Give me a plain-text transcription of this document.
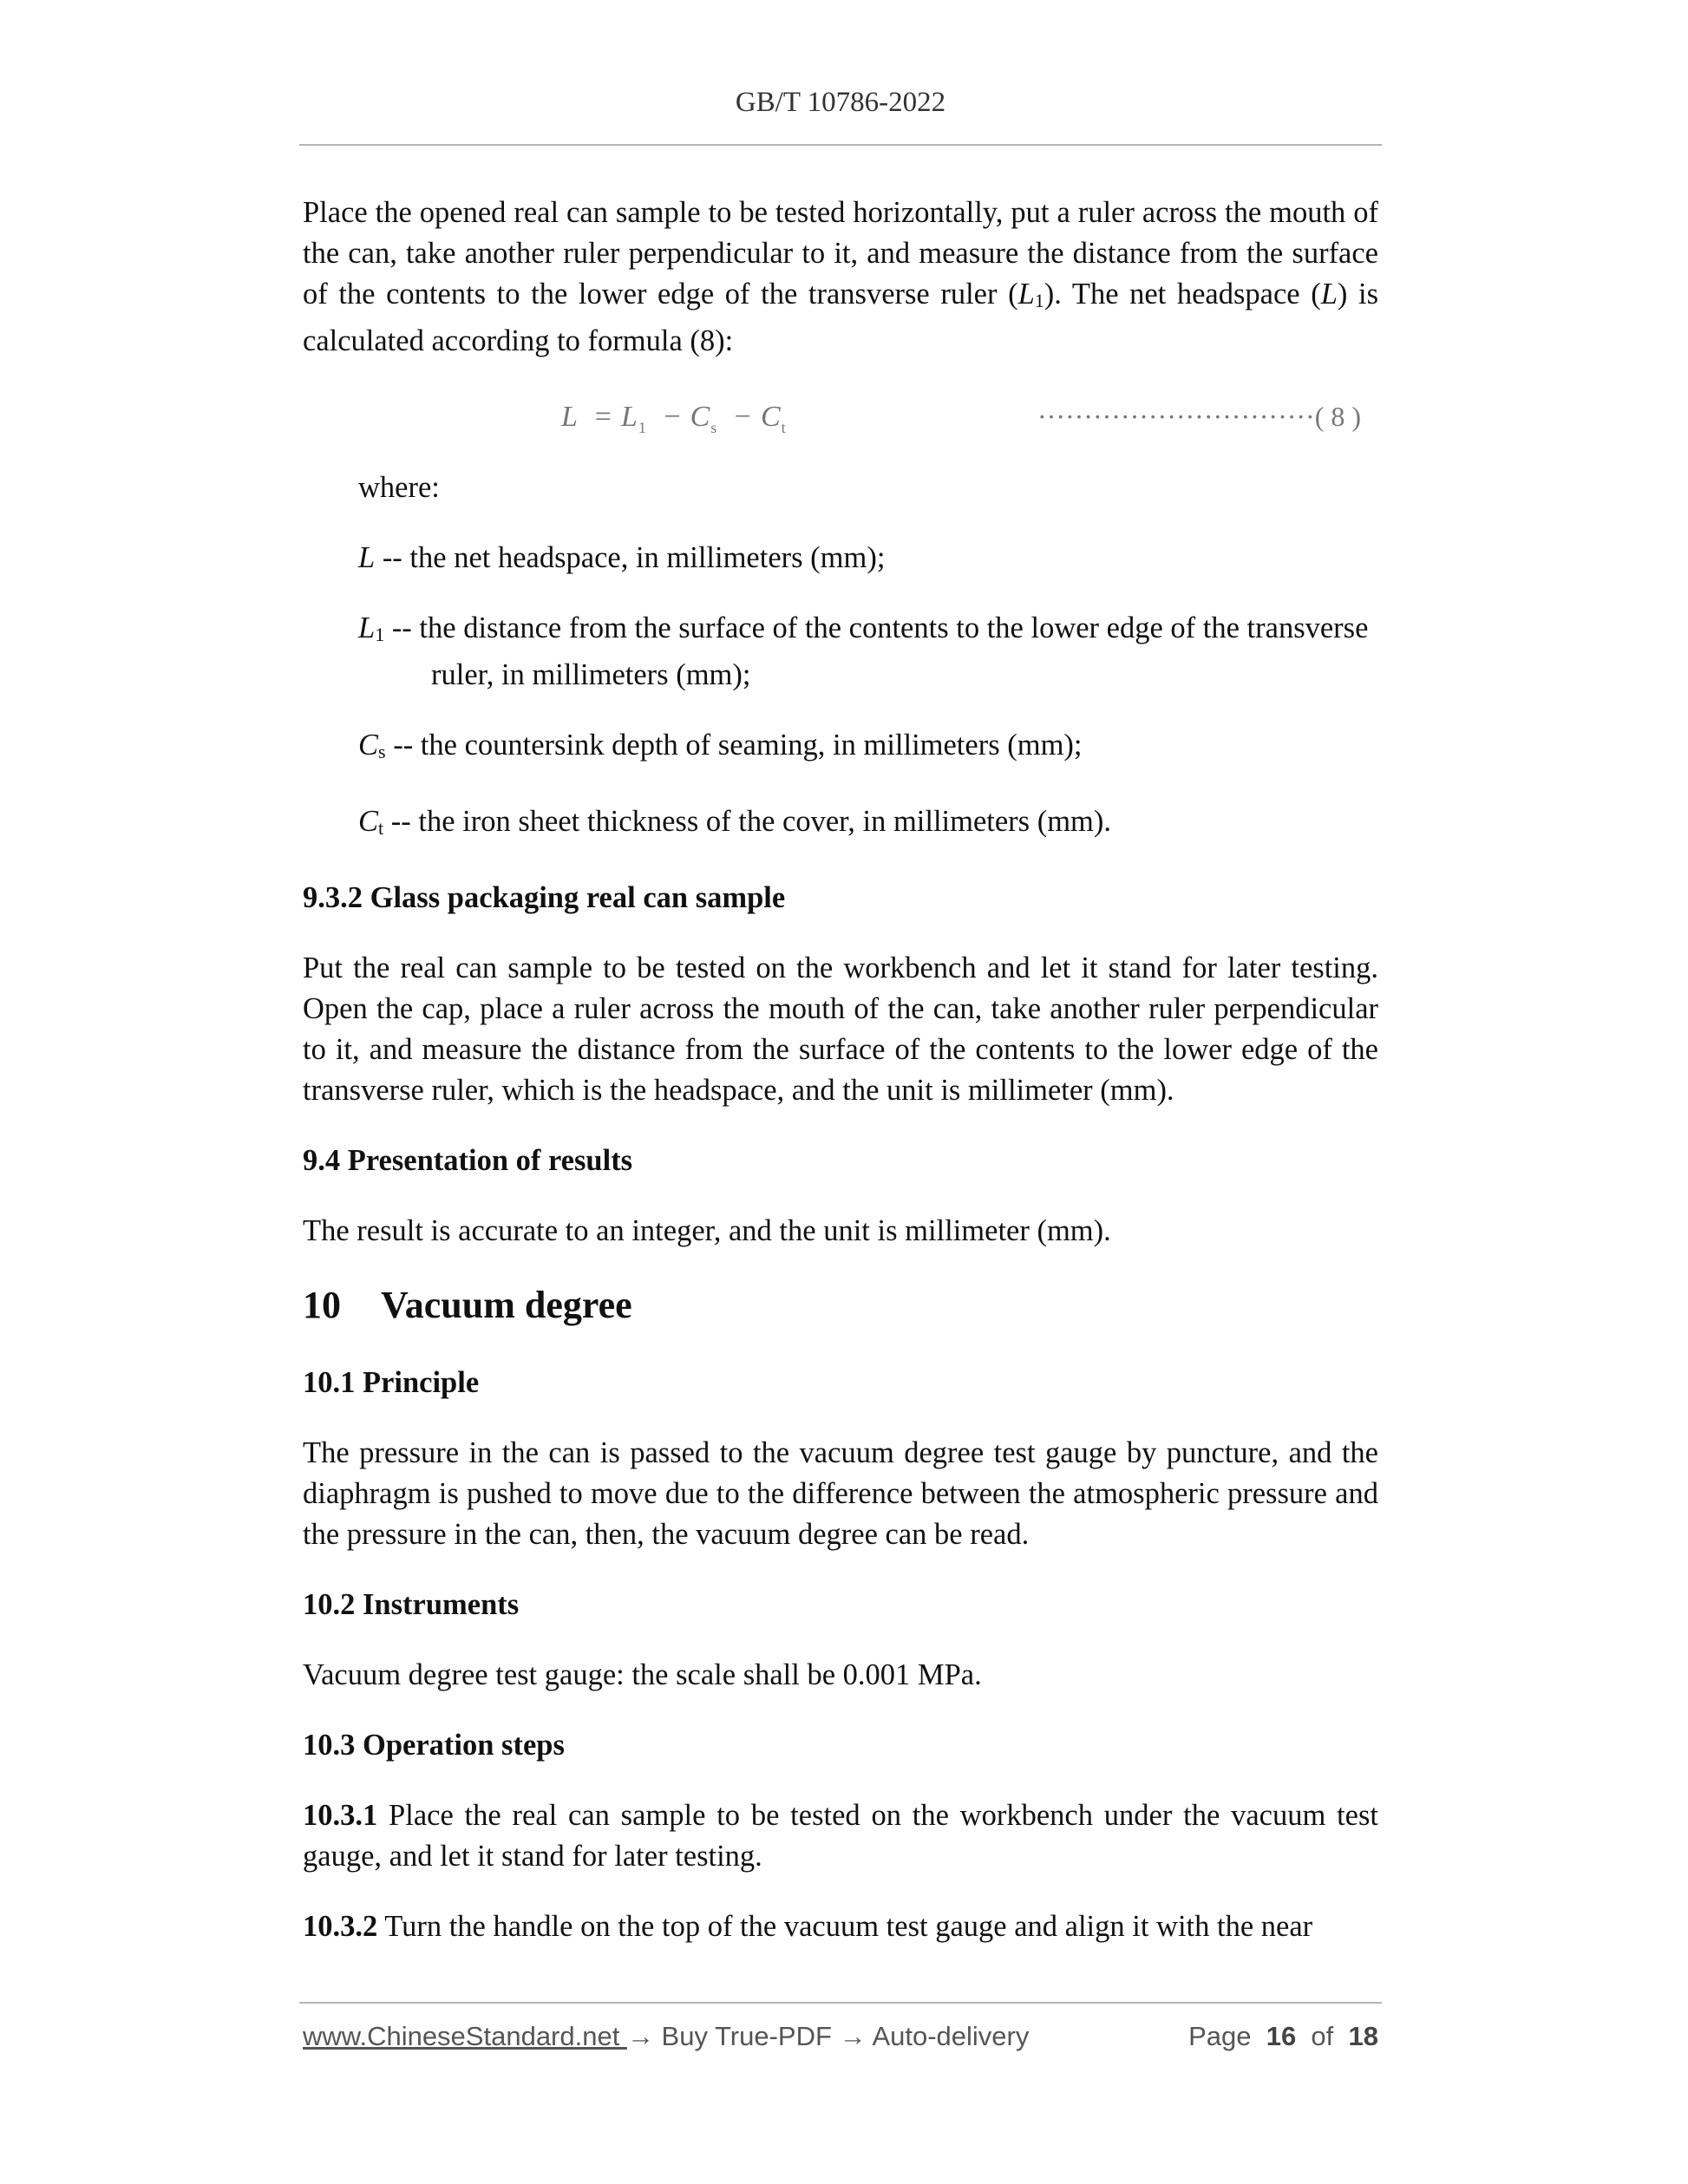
GB/T 10786-2022

Place the opened real can sample to be tested horizontally, put a ruler across the mouth of the can, take another ruler perpendicular to it, and measure the distance from the surface of the contents to the lower edge of the transverse ruler (L1). The net headspace (L) is calculated according to formula (8):

$L = L_1 - C_s - C_t$	······························( 8 )

where:

L -- the net headspace, in millimeters (mm);

L1 -- the distance from the surface of the contents to the lower edge of the transverse
ruler, in millimeters (mm);

Cs -- the countersink depth of seaming, in millimeters (mm);

Ct -- the iron sheet thickness of the cover, in millimeters (mm).

9.3.2 Glass packaging real can sample

Put the real can sample to be tested on the workbench and let it stand for later testing. Open the cap, place a ruler across the mouth of the can, take another ruler perpendicular to it, and measure the distance from the surface of the contents to the lower edge of the transverse ruler, which is the headspace, and the unit is millimeter (mm).

9.4 Presentation of results

The result is accurate to an integer, and the unit is millimeter (mm).

10 Vacuum degree

10.1 Principle

The pressure in the can is passed to the vacuum degree test gauge by puncture, and the diaphragm is pushed to move due to the difference between the atmospheric pressure and the pressure in the can, then, the vacuum degree can be read.

10.2 Instruments

Vacuum degree test gauge: the scale shall be 0.001 MPa.

10.3 Operation steps

10.3.1 Place the real can sample to be tested on the workbench under the vacuum test gauge, and let it stand for later testing.

10.3.2 Turn the handle on the top of the vacuum test gauge and align it with the near

www.ChineseStandard.net → Buy True-PDF → Auto-delivery	Page 16 of 18
